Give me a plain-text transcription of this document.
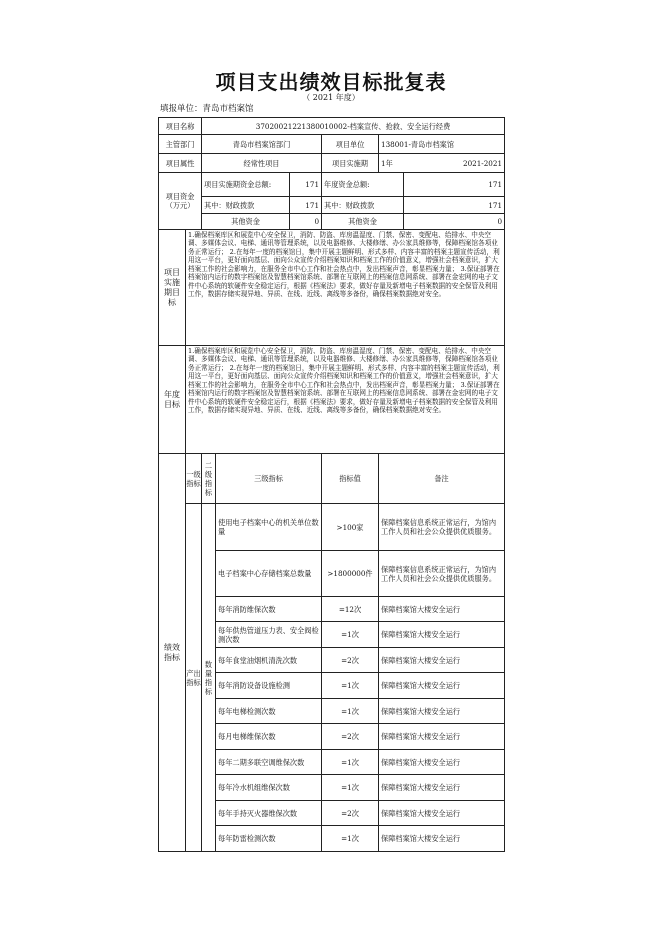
项目支出绩效目标批复表
（ 2021 年度）
填报单位：青岛市档案馆
项目名称		37020021221380010002-档案宣传、抢救、安全运行经费					
主管部门		青岛市档案馆部门			项目单位	138001-青岛市档案馆	
项目属性		经常性项目			项目实施期	1年	2021-2021
项目资金（万元）		项目实施期资金总额:		171	年度资金总额:		171
		其中：财政拨款		171	其中：财政拨款		171
		其他资金		0	其他资金		0
项目实施期目标	1.确保档案库区和展览中心安全保卫，消防、防盗、库房温湿度、门禁、保密、变配电、给排水、中央空调、多媒体会议、电梯、通讯等管理系统，以及电器维修、大楼修缮、办公家具维修等，保障档案馆各项业务正常运行； 2.在每年一度的档案馆日，集中开展主题鲜明、形式多样、内容丰富的档案主题宣传活动，利用这一平台，更好面向基层、面向公众宣传介绍档案知识和档案工作的价值意义，增强社会档案意识，扩大档案工作的社会影响力，在服务全市中心工作和社会热点中，发出档案声音，彰显档案力量； 3.保证部署在档案馆内运行的数字档案馆及智慧档案馆系统、部署在互联网上的档案信息网系统、部署在金宏网的电子文件中心系统的软硬件安全稳定运行，根据《档案法》要求，做好存量及新增电子档案数据的安全保管及利用工作，数据存储实现异地、异质、在线、近线、离线等多备份，确保档案数据绝对安全。						
年度目标	1.确保档案库区和展览中心安全保卫，消防、防盗、库房温湿度、门禁、保密、变配电、给排水、中央空调、多媒体会议、电梯、通讯等管理系统，以及电器维修、大楼修缮、办公家具维修等，保障档案馆各项业务正常运行； 2.在每年一度的档案馆日，集中开展主题鲜明、形式多样、内容丰富的档案主题宣传活动，利用这一平台，更好面向基层、面向公众宣传介绍档案知识和档案工作的价值意义，增强社会档案意识，扩大档案工作的社会影响力，在服务全市中心工作和社会热点中，发出档案声音，彰显档案力量； 3.保证部署在档案馆内运行的数字档案馆及智慧档案馆系统、部署在互联网上的档案信息网系统、部署在金宏网的电子文件中心系统的软硬件安全稳定运行，根据《档案法》要求，做好存量及新增电子档案数据的安全保管及利用工作，数据存储实现异地、异质、在线、近线、离线等多备份，确保档案数据绝对安全。						
绩效指标	一级指标	二级指标	三级指标		指标值	备注	
	产出指标	数量指标	使用电子档案中心的机关单位数量		>100家	保障档案信息系统正常运行，为馆内工作人员和社会公众提供优质服务。	
			电子档案中心存储档案总数量		>1800000件	保障档案信息系统正常运行，为馆内工作人员和社会公众提供优质服务。	
			每年消防维保次数		=12次	保障档案馆大楼安全运行	
			每年供热管道压力表、安全阀检测次数		=1次	保障档案馆大楼安全运行	
			每年食堂油烟机清洗次数		=2次	保障档案馆大楼安全运行	
			每年消防设备设施检测		=1次	保障档案馆大楼安全运行	
			每年电梯检测次数		=1次	保障档案馆大楼安全运行	
			每月电梯维保次数		=2次	保障档案馆大楼安全运行	
			每年二期多联空调维保次数		=1次	保障档案馆大楼安全运行	
			每年冷水机组维保次数		=1次	保障档案馆大楼安全运行	
			每年手持灭火器维保次数		=2次	保障档案馆大楼安全运行	
			每年防雷检测次数		=1次	保障档案馆大楼安全运行	
